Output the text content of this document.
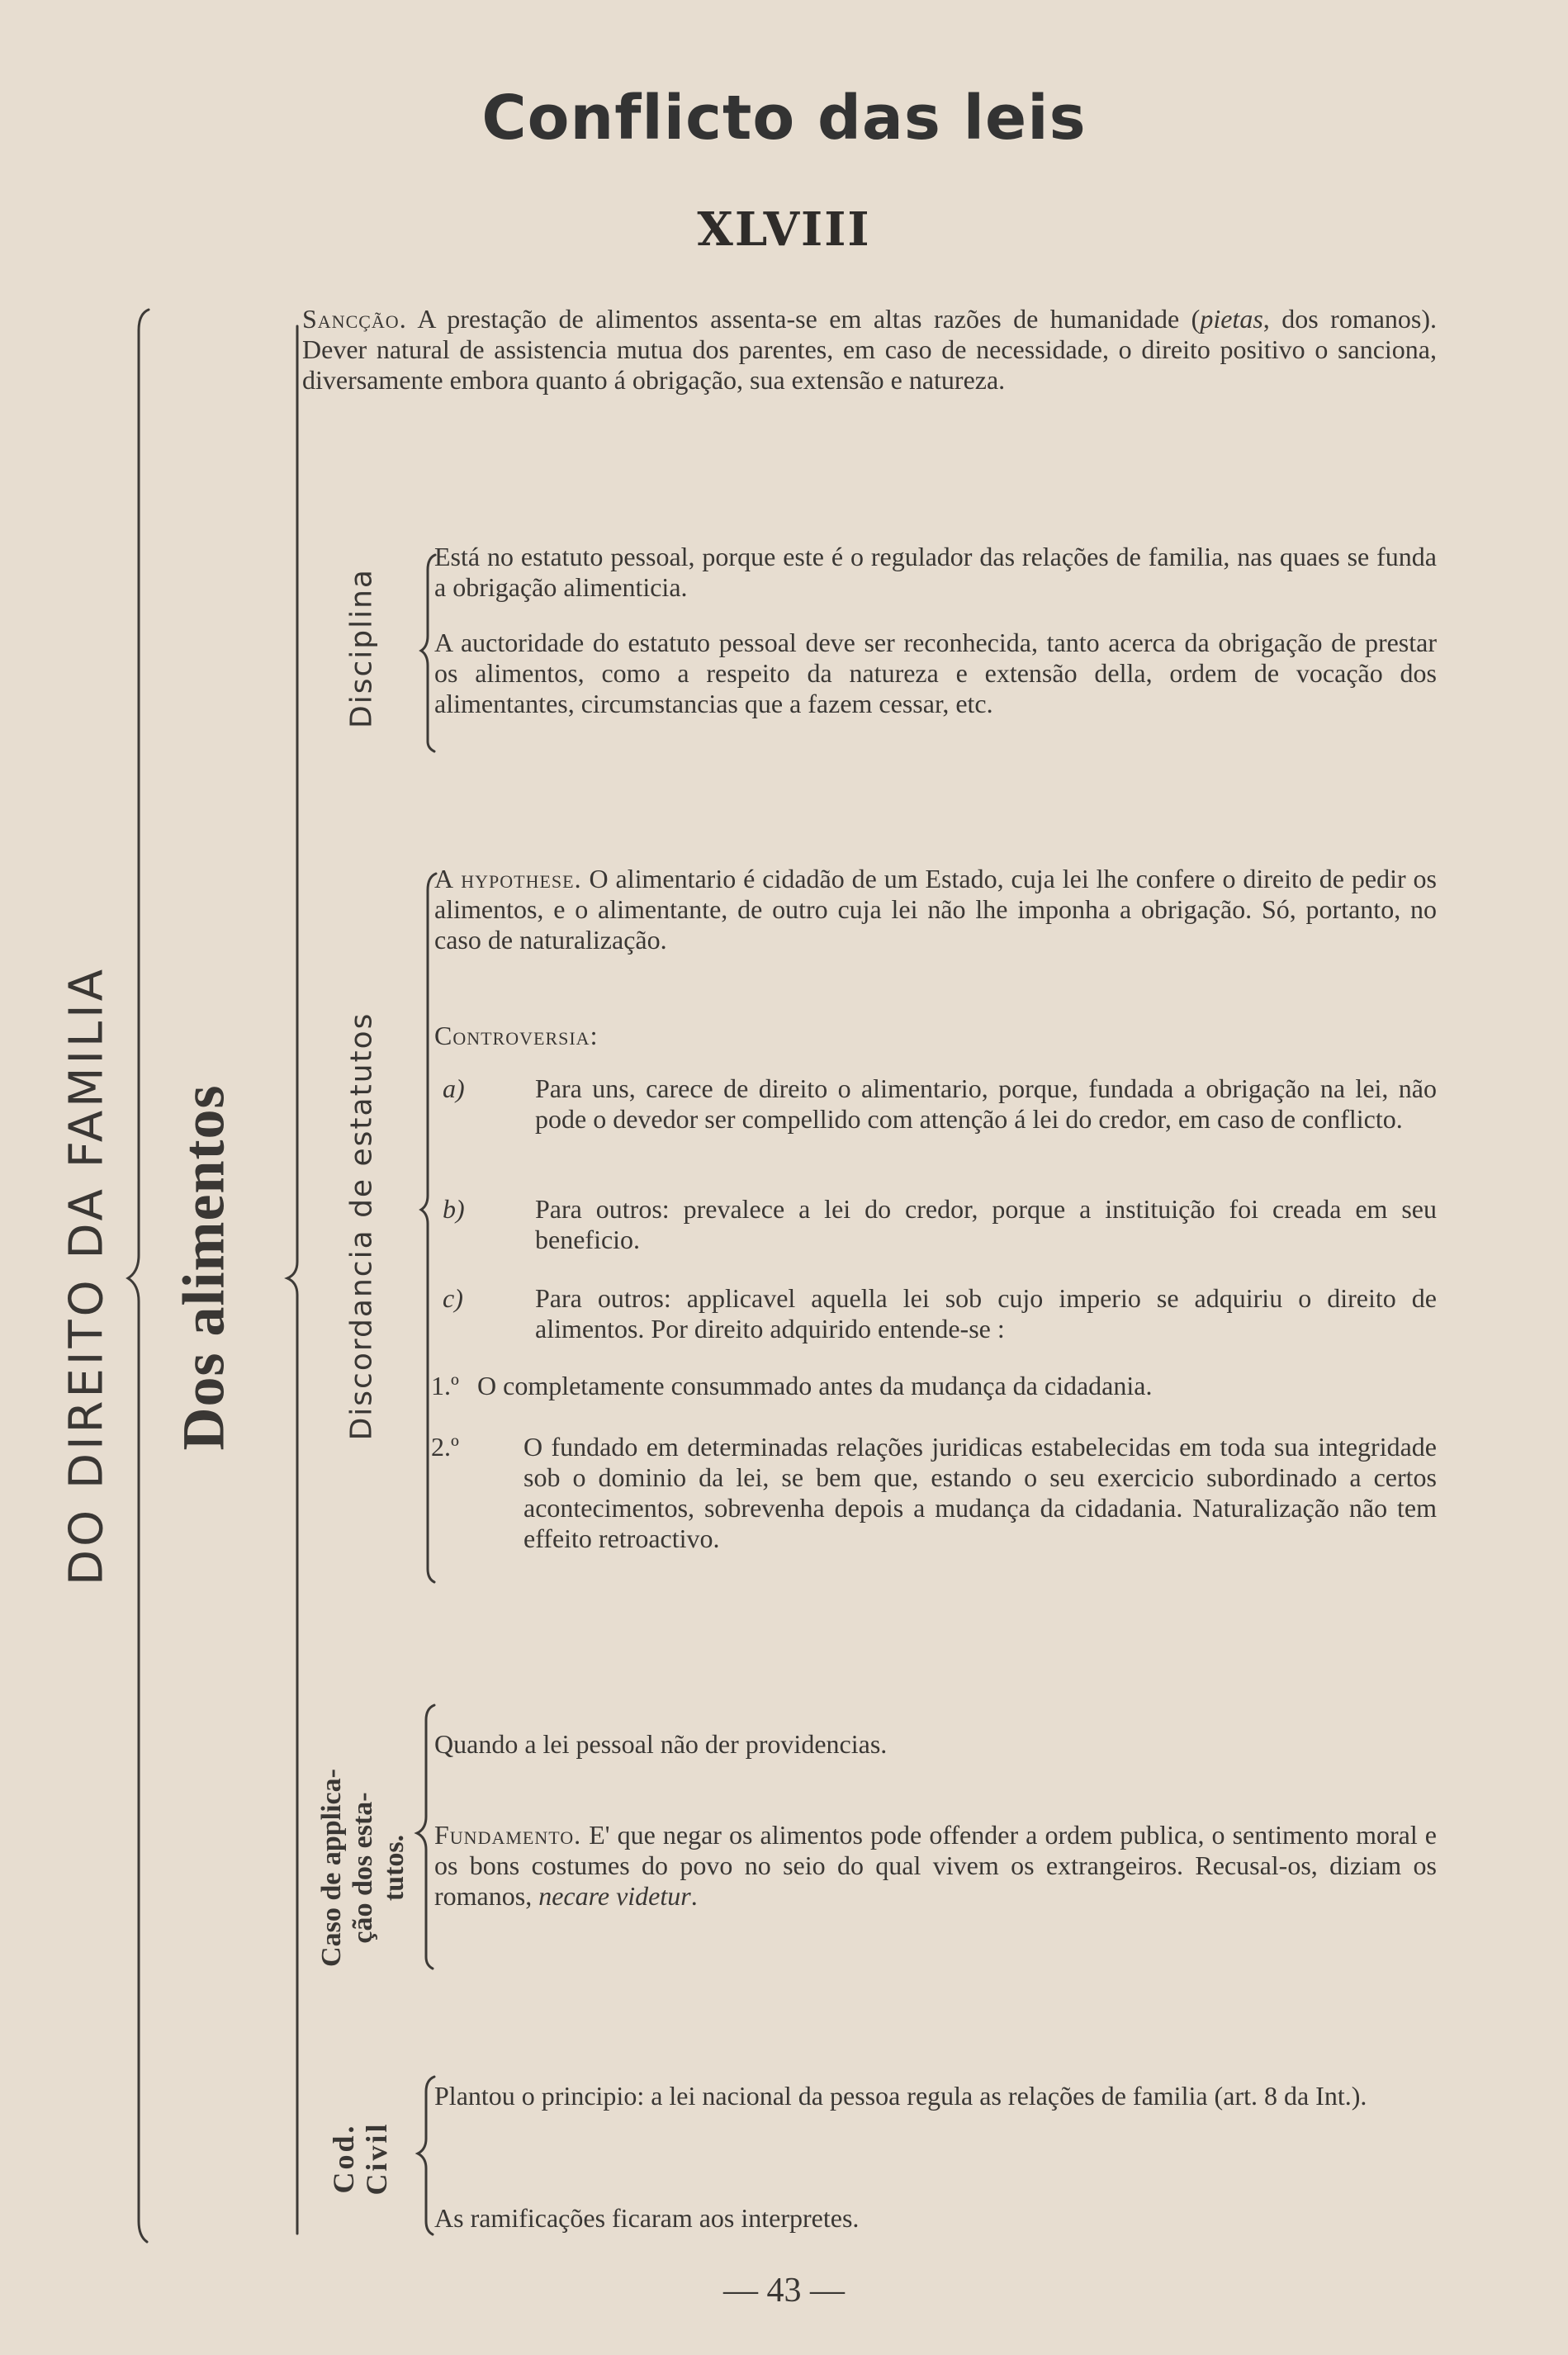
Conflicto das leis
XLVIII
DO DIREITO DA FAMILIA Dos alimentos
Disciplina
Discordancia de estatutos
Caso de applica- ção dos esta- tutos.
Cod. Civil
Sancção. A prestação de alimentos assenta-se em altas razões de humanidade (pietas, dos romanos). Dever natural de assistencia mutua dos parentes, em caso de necessidade, o direito positivo o sanciona, diversamente embora quanto á obrigação, sua extensão e natureza.
Está no estatuto pessoal, porque este é o regulador das relações de familia, nas quaes se funda a obrigação alimenticia.
A auctoridade do estatuto pessoal deve ser reconhecida, tanto acerca da obrigação de prestar os alimentos, como a respeito da natureza e extensão della, ordem de vocação dos alimentantes, circumstancias que a fazem cessar, etc.
A hypothese. O alimentario é cidadão de um Estado, cuja lei lhe confere o direito de pedir os alimentos, e o alimentante, de outro cuja lei não lhe imponha a obrigação. Só, portanto, no caso de naturalização.
Controversia:
a)	Para uns, carece de direito o alimentario, porque, fundada a obrigação na lei, não pode o devedor ser compellido com attenção á lei do credor, em caso de conflicto.
b)	Para outros: prevalece a lei do credor, porque a instituição foi creada em seu beneficio.
c)	Para outros: applicavel aquella lei sob cujo imperio se adquiriu o direito de alimentos. Por direito adquirido entende-se :
1.º O completamente consummado antes da mudança da cidadania.
2.º O fundado em determinadas relações juridicas estabelecidas em toda sua integridade sob o dominio da lei, se bem que, estando o seu exercicio subordinado a certos acontecimentos, sobrevenha depois a mudança da cidadania. Naturalização não tem effeito retroactivo.
Quando a lei pessoal não der providencias.
Fundamento. E' que negar os alimentos pode offender a ordem publica, o sentimento moral e os bons costumes do povo no seio do qual vivem os extrangeiros. Recusal-os, diziam os romanos, necare videtur.
Plantou o principio: a lei nacional da pessoa regula as relações de familia (art. 8 da Int.).
As ramificações ficaram aos interpretes.
— 43 —
